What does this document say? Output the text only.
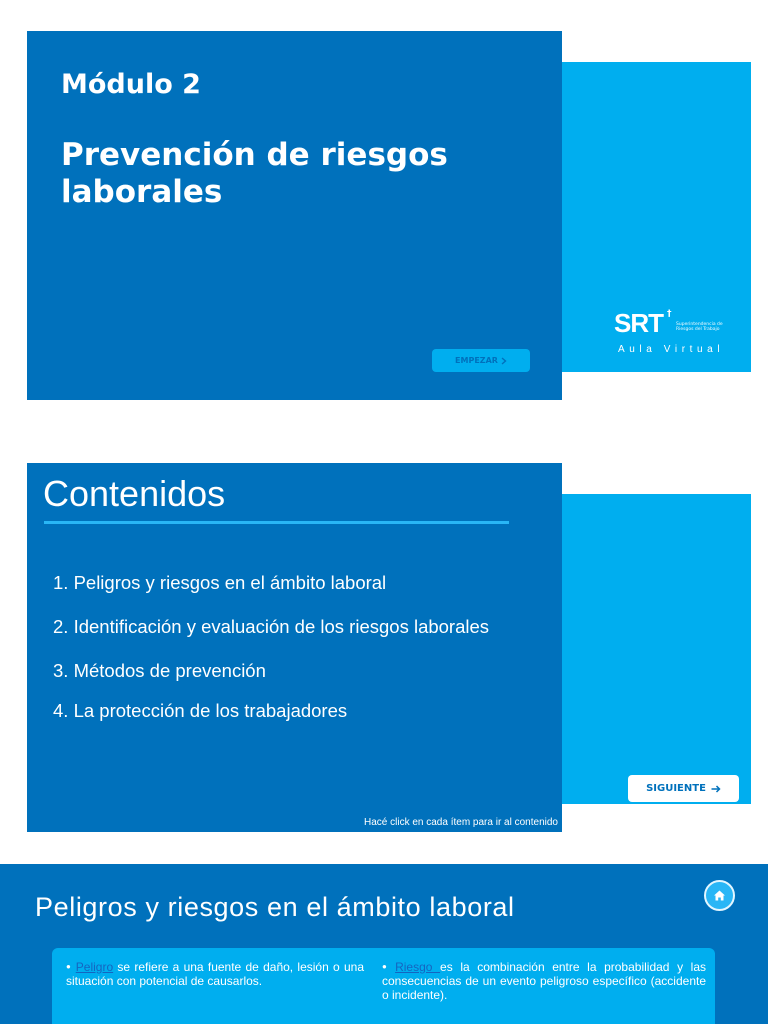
Módulo 2
Prevención de riesgos laborales
EMPEZAR
SRT †
Superintendencia de Riesgos del Trabajo
Aula Virtual
Contenidos
1. Peligros y riesgos en el ámbito laboral
2. Identificación y evaluación de los riesgos laborales
3. Métodos de prevención
4. La protección de los trabajadores
Hacé click en cada ítem para ir al contenido
SIGUIENTE
Peligros y riesgos en el ámbito laboral
● Peligro se refiere a una fuente de daño, lesión o una situación con potencial de causarlos.
● Riesgo es la combinación entre la probabilidad y las consecuencias de un evento peligroso específico (accidente o incidente).
